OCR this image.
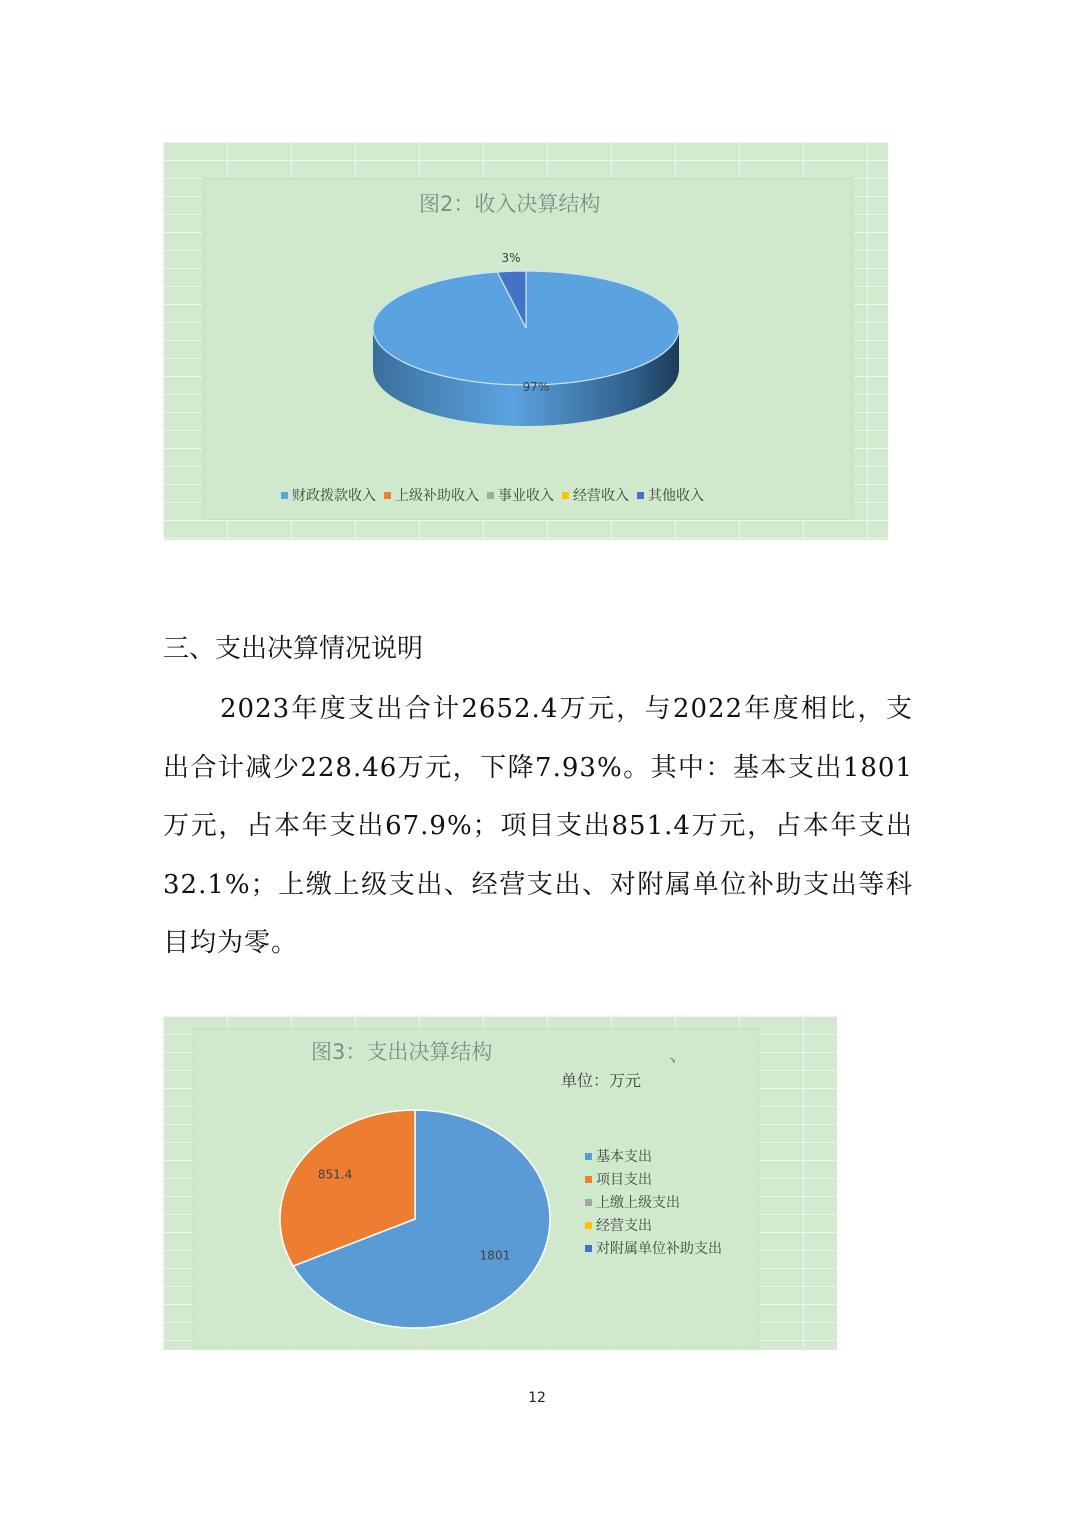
图2：收入决算结构
97%
3%
财政拨款收入 上级补助收入 事业收入 经营收入 其他收入
三、支出决算情况说明
2023年度支出合计2652.4万元，与2022年度相比，支出合计减少228.46万元，下降7.93%。其中：基本支出1801万元，占本年支出67.9%；项目支出851.4万元，占本年支出32.1%；上缴上级支出、经营支出、对附属单位补助支出等科目均为零。
图3：支出决算结构	、
单位：万元
1801
851.4
基本支出
项目支出
上缴上级支出
经营支出
对附属单位补助支出
12
